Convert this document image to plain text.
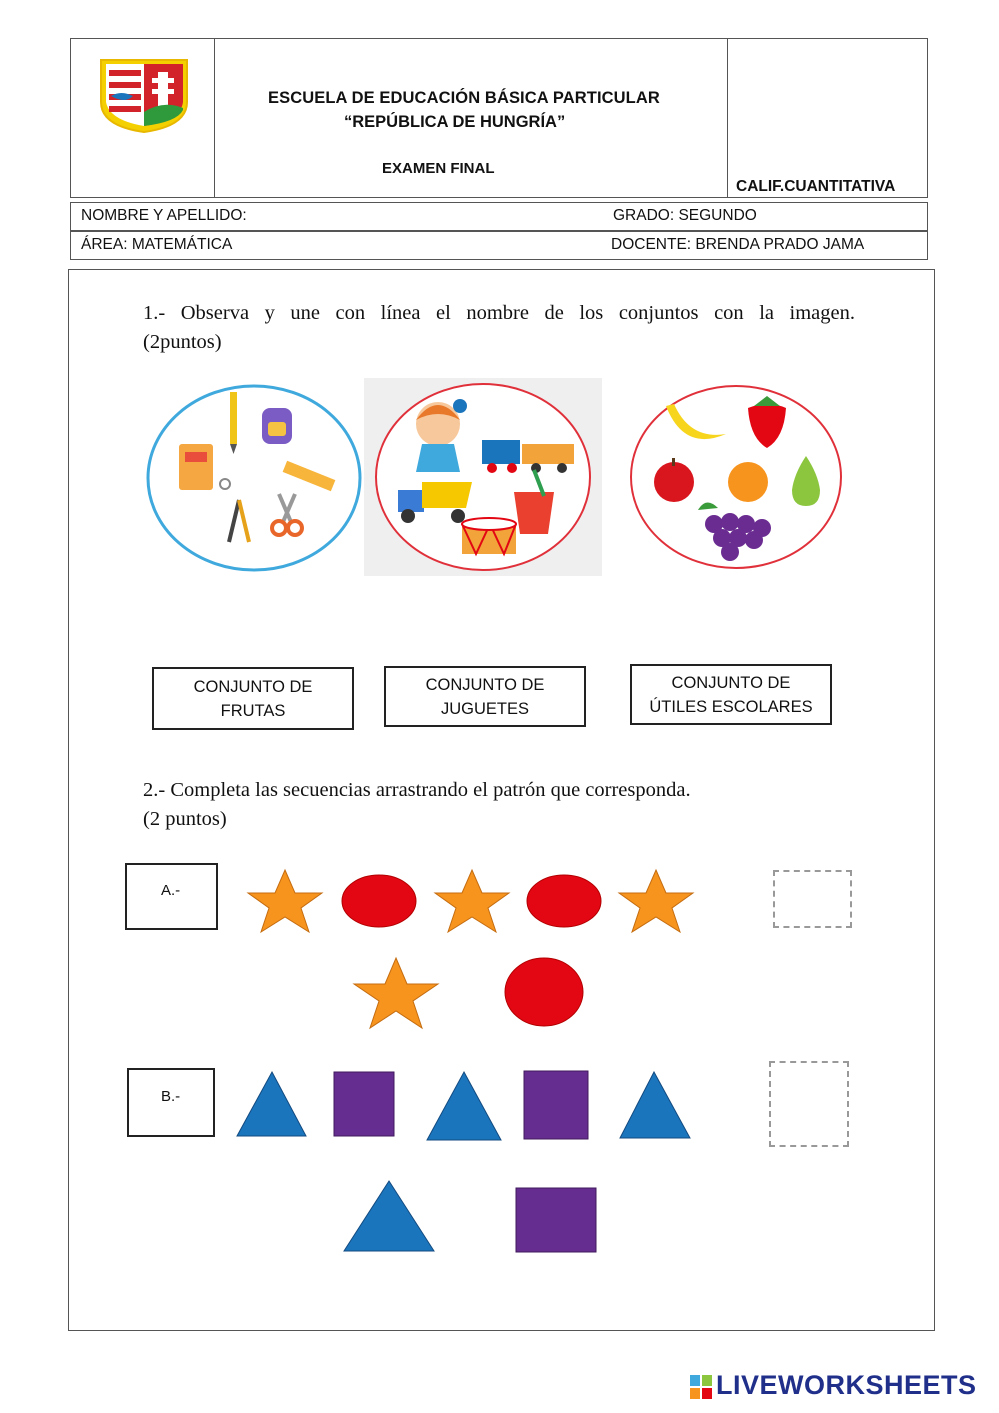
ESCUELA DE EDUCACIÓN BÁSICA PARTICULAR
“REPÚBLICA DE HUNGRÍA”
EXAMEN FINAL
CALIF.CUANTITATIVA
NOMBRE Y APELLIDO:	GRADO: SEGUNDO
ÁREA: MATEMÁTICA	DOCENTE: BRENDA PRADO JAMA
1.- Observa y une con línea el nombre de los conjuntos con la imagen.
(2puntos)
CONJUNTO DE
FRUTAS
CONJUNTO DE
JUGUETES
CONJUNTO DE
ÚTILES ESCOLARES
2.- Completa las secuencias arrastrando el patrón que corresponda.
(2 puntos)
A.-
B.-
LIVEWORKSHEETS
